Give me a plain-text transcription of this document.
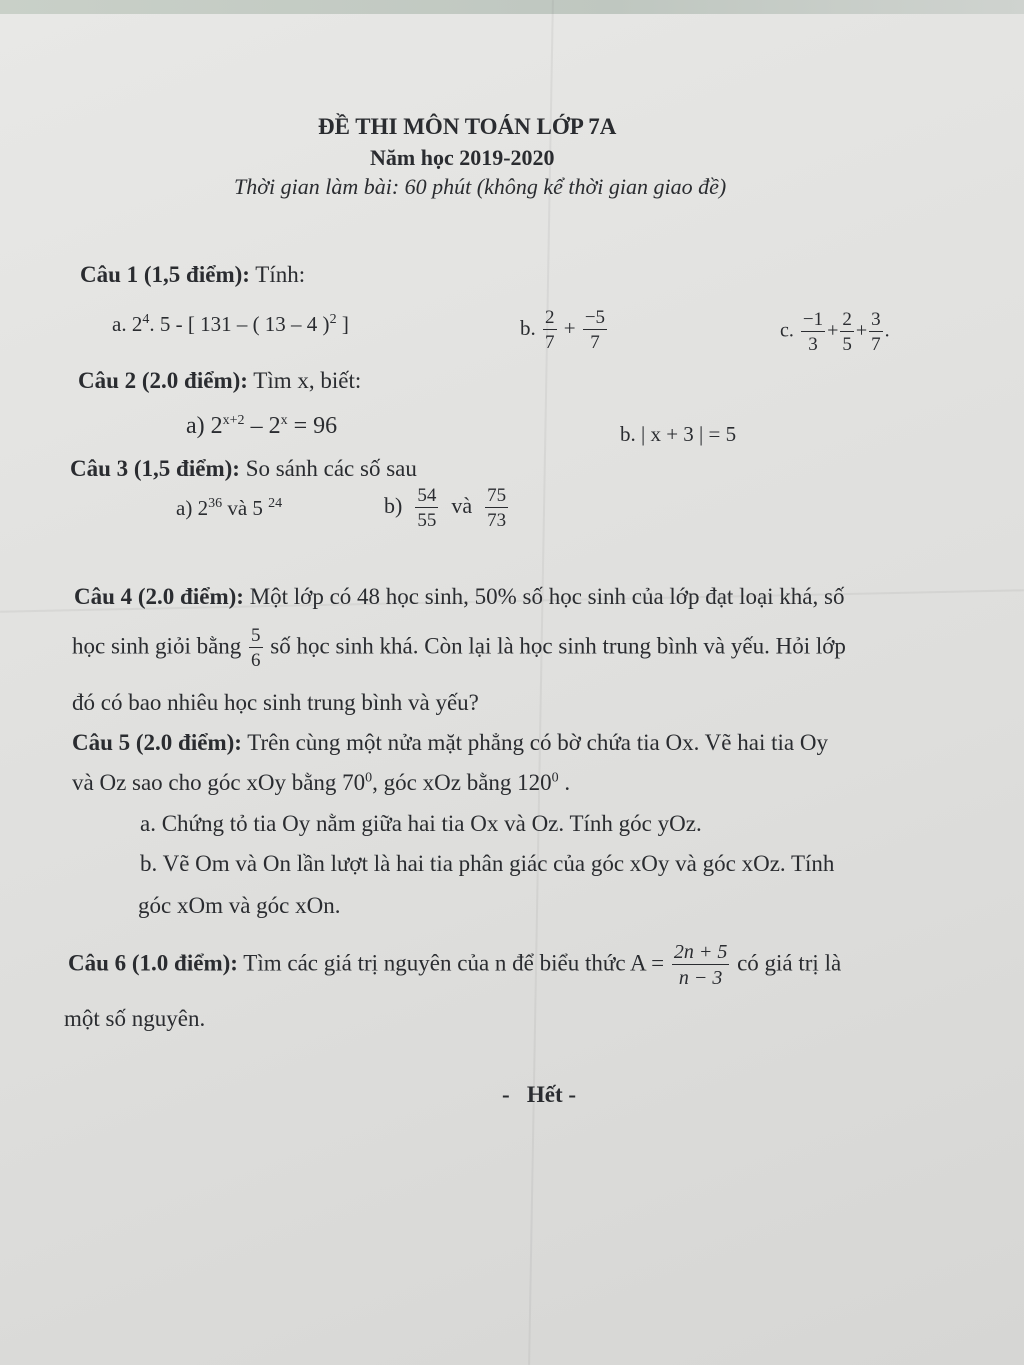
ĐỀ THI MÔN TOÁN LỚP 7A
Năm học 2019-2020
Thời gian làm bài: 60 phút (không kể thời gian giao đề)
Câu 1 (1,5 điểm): Tính:
a. $2^4$. 5 - [ 131 – ( 13 – 4 )$^2$ ]	b. $\frac{2}{7} + \frac{-5}{7}$	c. $\frac{-1}{3} + \frac{2}{5} + \frac{3}{7}$ .
Câu 2 (2.0 điểm): Tìm x, biết:
a) $2^{x+2} - 2^x = 96$	b. | x + 3 | = 5
Câu 3 (1,5 điểm): So sánh các số sau
a) $2^{36}$ và 5 $^{24}$	$b) \frac{54}{55}$ và $\frac{75}{73}$
Câu 4 (2.0 điểm): Một lớp có 48 học sinh, 50% số học sinh của lớp đạt loại khá, số
học sinh giỏi bằng $\frac{5}{6}$ số học sinh khá. Còn lại là học sinh trung bình và yếu. Hỏi lớp
đó có bao nhiêu học sinh trung bình và yếu?
Câu 5 (2.0 điểm): Trên cùng một nửa mặt phẳng có bờ chứa tia Ox. Vẽ hai tia Oy
và Oz sao cho góc xOy bằng $70^0$, góc xOz bằng $120^0$ .
a. Chứng tỏ tia Oy nằm giữa hai tia Ox và Oz. Tính góc yOz.
b. Vẽ Om và On lần lượt là hai tia phân giác của góc xOy và góc xOz. Tính
góc xOm và góc xOn.
Câu 6 (1.0 điểm): Tìm các giá trị nguyên của n để biểu thức $A = \frac{2n + 5}{n - 3}$ có giá trị là
một số nguyên.
-   Hết -
